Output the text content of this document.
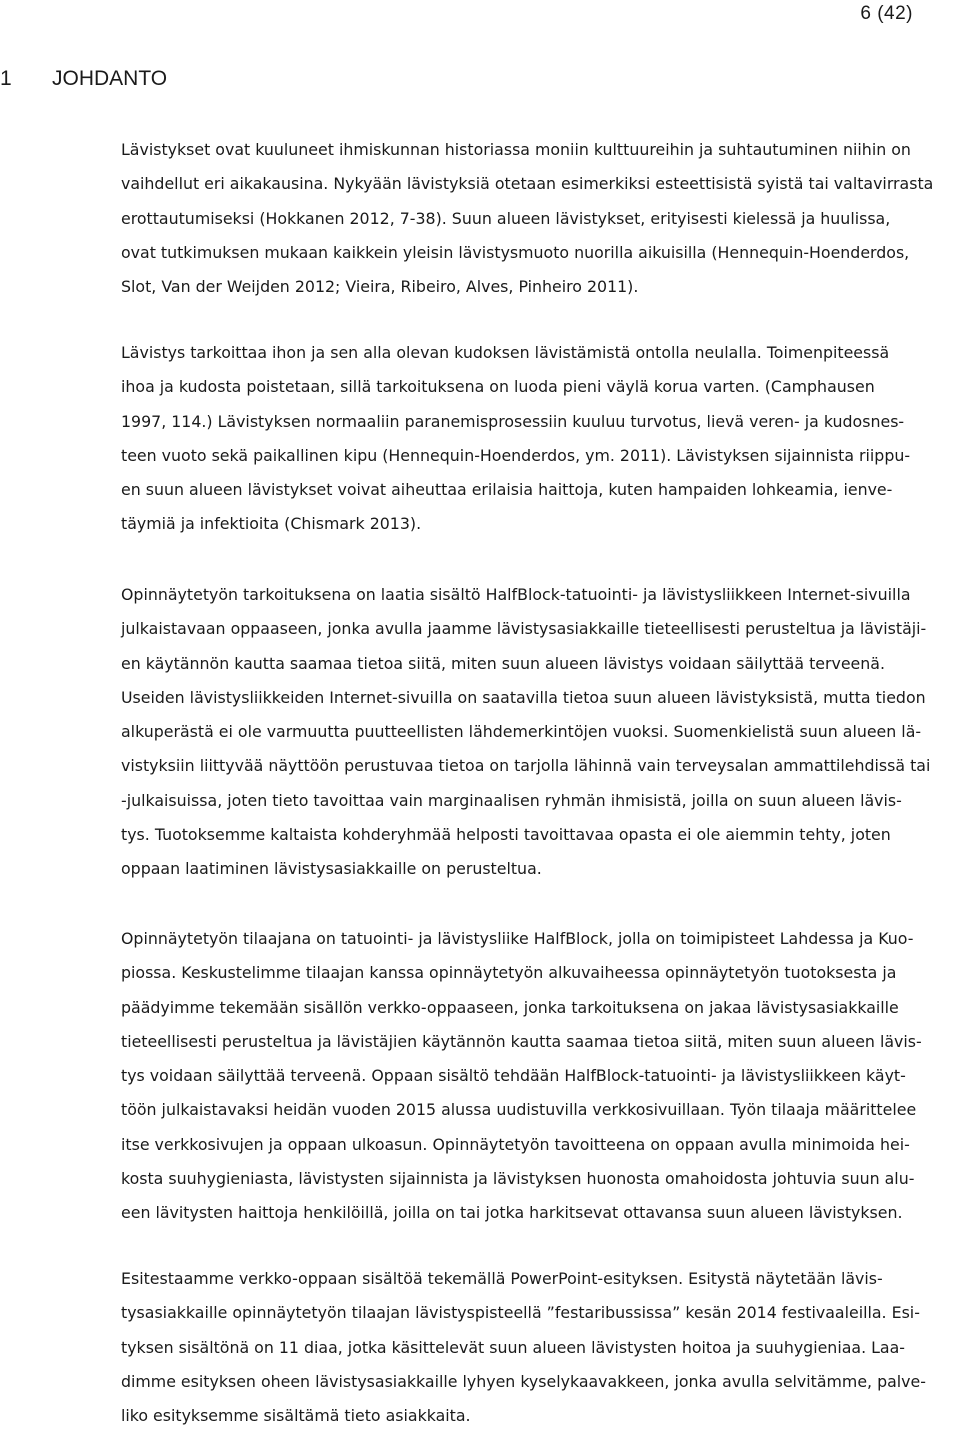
6 (42)
1 JOHDANTO
Lävistykset ovat kuuluneet ihmiskunnan historiassa moniin kulttuureihin ja suhtautuminen niihin on
vaihdellut eri aikakausina. Nykyään lävistyksiä otetaan esimerkiksi esteettisistä syistä tai valtavirrasta
erottautumiseksi (Hokkanen 2012, 7-38). Suun alueen lävistykset, erityisesti kielessä ja huulissa,
ovat tutkimuksen mukaan kaikkein yleisin lävistysmuoto nuorilla aikuisilla (Hennequin-Hoenderdos,
Slot, Van der Weijden 2012; Vieira, Ribeiro, Alves, Pinheiro 2011).
Lävistys tarkoittaa ihon ja sen alla olevan kudoksen lävistämistä ontolla neulalla. Toimenpiteessä
ihoa ja kudosta poistetaan, sillä tarkoituksena on luoda pieni väylä korua varten. (Camphausen
1997, 114.) Lävistyksen normaaliin paranemisprosessiin kuuluu turvotus, lievä veren- ja kudosnes-
teen vuoto sekä paikallinen kipu (Hennequin-Hoenderdos, ym. 2011). Lävistyksen sijainnista riippu-
en suun alueen lävistykset voivat aiheuttaa erilaisia haittoja, kuten hampaiden lohkeamia, ienve-
täymiä ja infektioita (Chismark 2013).
Opinnäytetyön tarkoituksena on laatia sisältö HalfBlock-tatuointi- ja lävistysliikkeen Internet-sivuilla
julkaistavaan oppaaseen, jonka avulla jaamme lävistysasiakkaille tieteellisesti perusteltua ja lävistäji-
en käytännön kautta saamaa tietoa siitä, miten suun alueen lävistys voidaan säilyttää terveenä.
Useiden lävistysliikkeiden Internet-sivuilla on saatavilla tietoa suun alueen lävistyksistä, mutta tiedon
alkuperästä ei ole varmuutta puutteellisten lähdemerkintöjen vuoksi. Suomenkielistä suun alueen lä-
vistyksiin liittyvää näyttöön perustuvaa tietoa on tarjolla lähinnä vain terveysalan ammattilehdissä tai
-julkaisuissa, joten tieto tavoittaa vain marginaalisen ryhmän ihmisistä, joilla on suun alueen lävis-
tys. Tuotoksemme kaltaista kohderyhmää helposti tavoittavaa opasta ei ole aiemmin tehty, joten
oppaan laatiminen lävistysasiakkaille on perusteltua.
Opinnäytetyön tilaajana on tatuointi- ja lävistysliike HalfBlock, jolla on toimipisteet Lahdessa ja Kuo-
piossa. Keskustelimme tilaajan kanssa opinnäytetyön alkuvaiheessa opinnäytetyön tuotoksesta ja
päädyimme tekemään sisällön verkko-oppaaseen, jonka tarkoituksena on jakaa lävistysasiakkaille
tieteellisesti perusteltua ja lävistäjien käytännön kautta saamaa tietoa siitä, miten suun alueen lävis-
tys voidaan säilyttää terveenä. Oppaan sisältö tehdään HalfBlock-tatuointi- ja lävistysliikkeen käyt-
töön julkaistavaksi heidän vuoden 2015 alussa uudistuvilla verkkosivuillaan. Työn tilaaja määrittelee
itse verkkosivujen ja oppaan ulkoasun. Opinnäytetyön tavoitteena on oppaan avulla minimoida hei-
kosta suuhygieniasta, lävistysten sijainnista ja lävistyksen huonosta omahoidosta johtuvia suun alu-
een lävitysten haittoja henkilöillä, joilla on tai jotka harkitsevat ottavansa suun alueen lävistyksen.
Esitestaamme verkko-oppaan sisältöä tekemällä PowerPoint-esityksen. Esitystä näytetään lävis-
tysasiakkaille opinnäytetyön tilaajan lävistyspisteellä ”festaribussissa” kesän 2014 festivaaleilla. Esi-
tyksen sisältönä on 11 diaa, jotka käsittelevät suun alueen lävistysten hoitoa ja suuhygieniaa. Laa-
dimme esityksen oheen lävistysasiakkaille lyhyen kyselykaavakkeen, jonka avulla selvitämme, palve-
liko esityksemme sisältämä tieto asiakkaita.
